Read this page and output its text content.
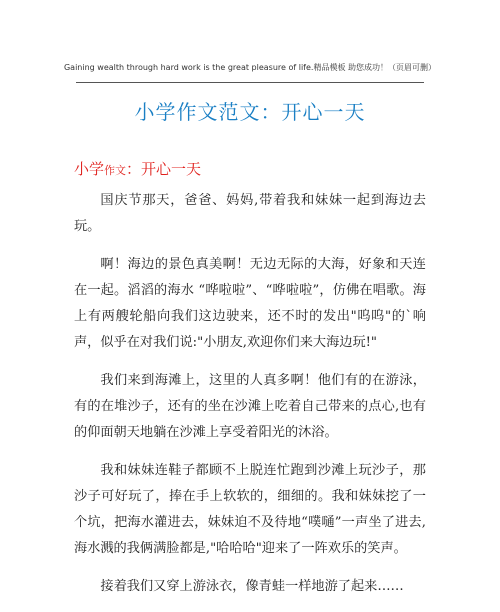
Gaining wealth through hard work is the great pleasure of life.精品模板 助您成功！（页眉可删）
小学作文范文：开心一天
小学作文：开心一天

国庆节那天，爸爸、妈妈,带着我和妹妹一起到海边去玩。

啊！海边的景色真美啊！无边无际的大海，好象和天连在一起。滔滔的海水 “哗啦啦”、“哗啦啦”，仿佛在唱歌。海上有两艘轮船向我们这边驶来，还不时的发出"呜呜"的`响声，似乎在对我们说:"小朋友,欢迎你们来大海边玩!"

我们来到海滩上，这里的人真多啊！他们有的在游泳，有的在堆沙子，还有的坐在沙滩上吃着自己带来的点心,也有的仰面朝天地躺在沙滩上享受着阳光的沐浴。

我和妹妹连鞋子都顾不上脱连忙跑到沙滩上玩沙子，那沙子可好玩了，捧在手上软软的，细细的。我和妹妹挖了一个坑，把海水灌进去，妹妹迫不及待地“噗嗵”一声坐了进去,海水溅的我俩满脸都是,"哈哈哈"迎来了一阵欢乐的笑声。

接着我们又穿上游泳衣，像青蛙一样地游了起来……
